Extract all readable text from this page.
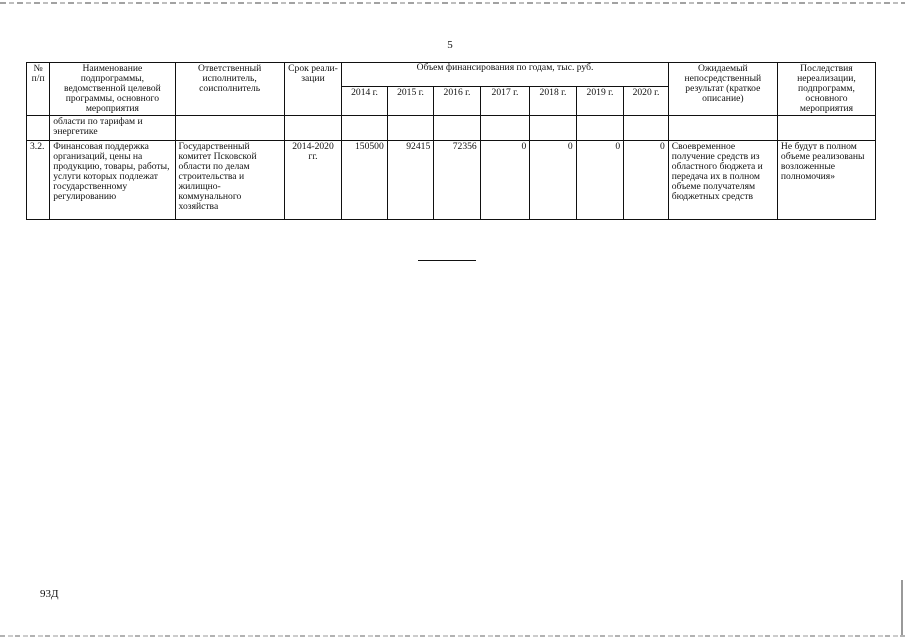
5
№ п/п	Наименование подпрограммы, ведомственной целевой программы, основного мероприятия	Ответственный исполнитель, соисполнитель	Срок реали-зации	Объем финансирования по годам, тыс. руб.							Ожидаемый непосредственный результат (краткое описание)	Последствия нереализации, подпрограмм, основного мероприятия
				2014 г.	2015 г.	2016 г.	2017 г.	2018 г.	2019 г.	2020 г.		
	области по тарифам и энергетике											
3.2.	Финансовая поддержка организаций, цены на продукцию, товары, работы, услуги которых подлежат государственному регулированию	Государственный комитет Псковской области по делам строительства и жилищно-коммунального хозяйства	2014-2020 гг.	150500	92415	72356	0	0	0	0	Своевременное получение средств из областного бюджета и передача их в полном объеме получателям бюджетных средств	Не будут в полном объеме реализованы возложенные полномочия»
93Д
